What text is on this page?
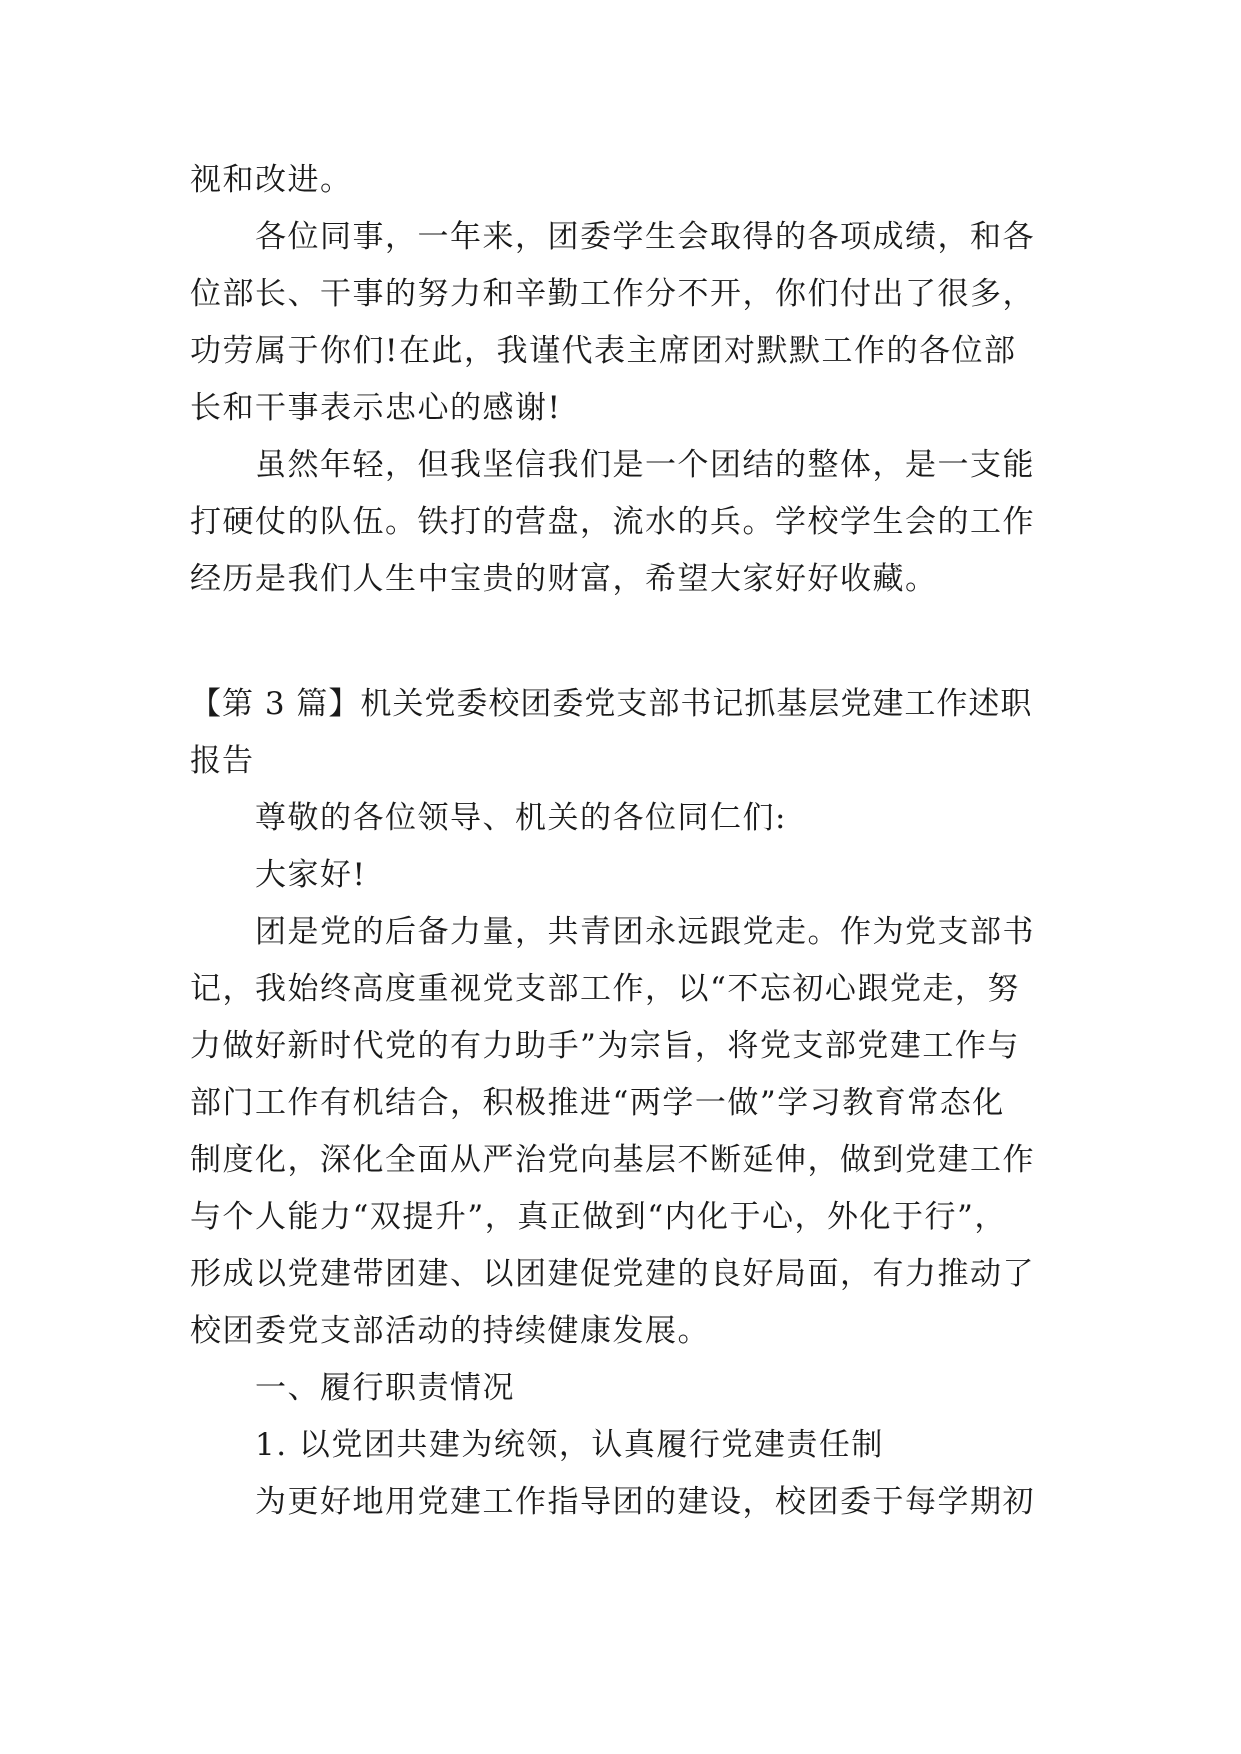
视和改进。
各位同事，一年来，团委学生会取得的各项成绩，和各
位部长、干事的努力和辛勤工作分不开，你们付出了很多，
功劳属于你们!在此，我谨代表主席团对默默工作的各位部
长和干事表示忠心的感谢!
虽然年轻，但我坚信我们是一个团结的整体，是一支能
打硬仗的队伍。铁打的营盘，流水的兵。学校学生会的工作
经历是我们人生中宝贵的财富，希望大家好好收藏。
【第 3 篇】机关党委校团委党支部书记抓基层党建工作述职
报告
尊敬的各位领导、机关的各位同仁们:
大家好!
团是党的后备力量，共青团永远跟党走。作为党支部书
记，我始终高度重视党支部工作，以“不忘初心跟党走，努
力做好新时代党的有力助手”为宗旨，将党支部党建工作与
部门工作有机结合，积极推进“两学一做”学习教育常态化
制度化，深化全面从严治党向基层不断延伸，做到党建工作
与个人能力“双提升”，真正做到“内化于心，外化于行”，
形成以党建带团建、以团建促党建的良好局面，有力推动了
校团委党支部活动的持续健康发展。
一、履行职责情况
1. 以党团共建为统领，认真履行党建责任制
为更好地用党建工作指导团的建设，校团委于每学期初
